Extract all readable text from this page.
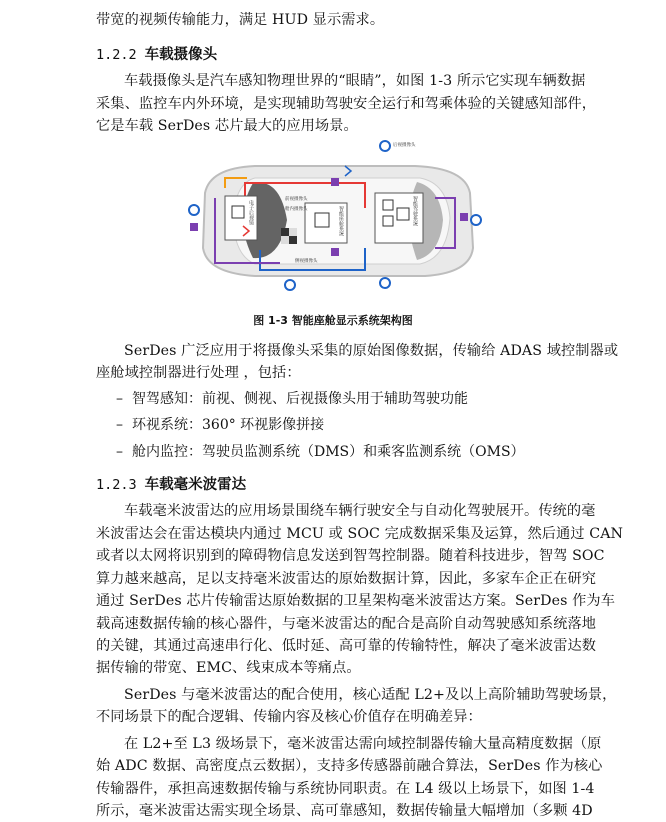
带宽的视频传输能力，满足 HUD 显示需求。
1.2.2 车载摄像头
车载摄像头是汽车感知物理世界的“眼睛”，如图 1-3 所示它实现车辆数据
采集、监控车内外环境，是实现辅助驾驶安全运行和驾乘体验的关键感知部件，
它是车载 SerDes 芯片最大的应用场景。
电子后视镜	智能座舱系统	智能驾驶系统
后视摄像头
侧视摄像头
前视摄像头
舱内摄像头
图 1-3 智能座舱显示系统架构图
SerDes 广泛应用于将摄像头采集的原始图像数据，传输给 ADAS 域控制器或
座舱域控制器进行处理 ，包括：
– 智驾感知：前视、侧视、后视摄像头用于辅助驾驶功能
– 环视系统：360° 环视影像拼接
– 舱内监控：驾驶员监测系统（DMS）和乘客监测系统（OMS）
1.2.3 车载毫米波雷达
车载毫米波雷达的应用场景围绕车辆行驶安全与自动化驾驶展开。传统的毫
米波雷达会在雷达模块内通过 MCU 或 SOC 完成数据采集及运算，然后通过 CAN
或者以太网将识别到的障碍物信息发送到智驾控制器。随着科技进步，智驾 SOC
算力越来越高，足以支持毫米波雷达的原始数据计算，因此，多家车企正在研究
通过 SerDes 芯片传输雷达原始数据的卫星架构毫米波雷达方案。SerDes 作为车
载高速数据传输的核心器件，与毫米波雷达的配合是高阶自动驾驶感知系统落地
的关键，其通过高速串行化、低时延、高可靠的传输特性，解决了毫米波雷达数
据传输的带宽、EMC、线束成本等痛点。
SerDes 与毫米波雷达的配合使用，核心适配 L2+及以上高阶辅助驾驶场景，
不同场景下的配合逻辑、传输内容及核心价值存在明确差异：
在 L2+至 L3 级场景下，毫米波雷达需向域控制器传输大量高精度数据（原
始 ADC 数据、高密度点云数据），支持多传感器前融合算法，SerDes 作为核心
传输器件，承担高速数据传输与系统协同职责。在 L4 级以上场景下，如图 1-4
所示，毫米波雷达需实现全场景、高可靠感知，数据传输量大幅增加（多颗 4D
